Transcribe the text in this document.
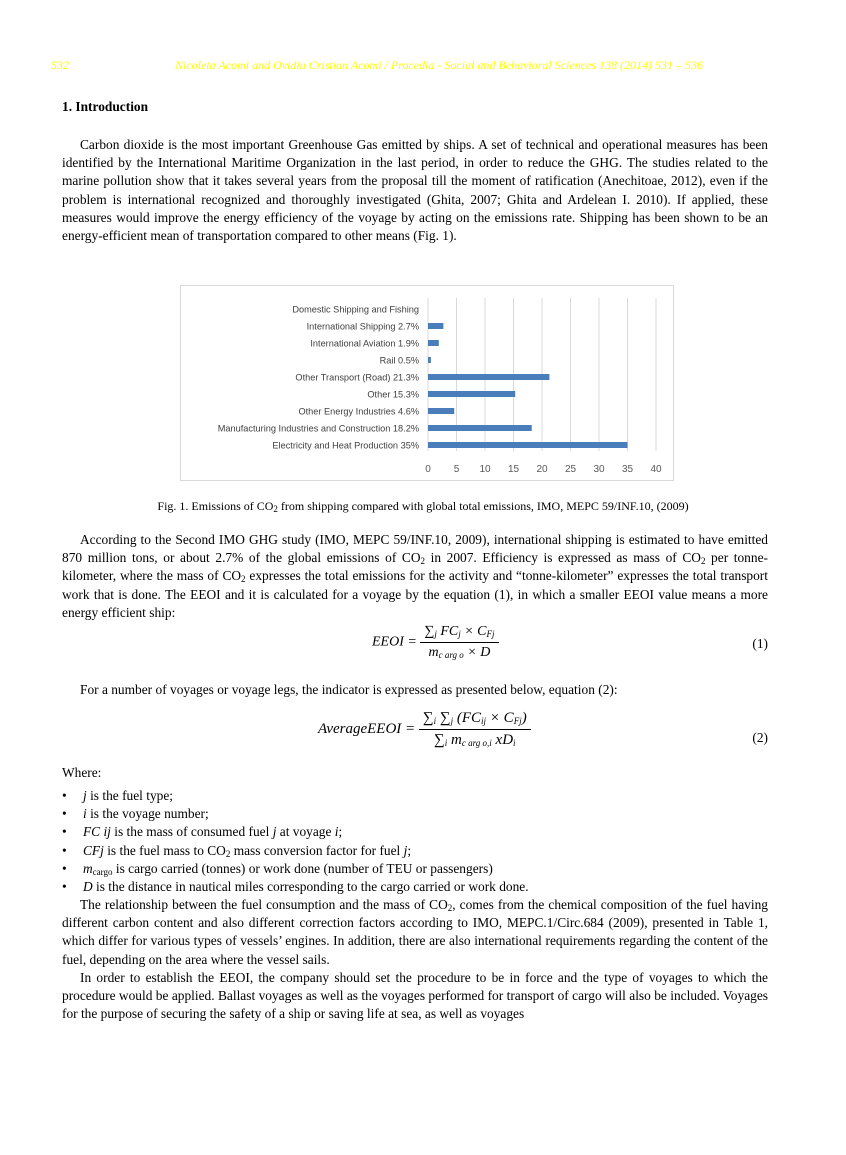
532	Nicoleta Acomi and Ovidiu Cristian Acomi / Procedia - Social and Behavioral Sciences 138 (2014) 531 – 536
1. Introduction
Carbon dioxide is the most important Greenhouse Gas emitted by ships. A set of technical and operational measures has been identified by the International Maritime Organization in the last period, in order to reduce the GHG. The studies related to the marine pollution show that it takes several years from the proposal till the moment of ratification (Anechitoae, 2012), even if the problem is international recognized and thoroughly investigated (Ghita, 2007; Ghita and Ardelean I. 2010). If applied, these measures would improve the energy efficiency of the voyage by acting on the emissions rate. Shipping has been shown to be an energy-efficient mean of transportation compared to other means (Fig. 1).
0 5 10 15 20 25 30 35 40
Domestic Shipping and Fishing
International Shipping 2.7%
International Aviation 1.9%
Rail 0.5%
Other Transport (Road) 21.3%
Other 15.3%
Other Energy Industries 4.6%
Manufacturing Industries and Construction 18.2%
Electricity and Heat Production 35%
Fig. 1. Emissions of $CO_2$ from shipping compared with global total emissions, IMO, MEPC 59/INF.10, (2009)
According to the Second IMO GHG study (IMO, MEPC 59/INF.10, 2009), international shipping is estimated to have emitted 870 million tons, or about 2.7% of the global emissions of $CO_2$ in 2007. Efficiency is expressed as mass of $CO_2$ per tonne-kilometer, where the mass of $CO_2$ expresses the total emissions for the activity and “tonne-kilometer” expresses the total transport work that is done. The EEOI and it is calculated for a voyage by the equation (1), in which a smaller EEOI value means a more energy efficient ship:
EEOI = $\frac{\sum_j FC_j \times C_{Fj}}{m_{c arg o} \times D}$	(1)
For a number of voyages or voyage legs, the indicator is expressed as presented below, equation (2):
AverageEEOI = $\frac{\sum_i \sum_j (FC_{ij} \times C_{Fj})}{\sum_i m_{c arg o,i} xD_i}$	(2)
Where:
• j is the fuel type;
• i is the voyage number;
• FC ij is the mass of consumed fuel j at voyage i;
• CFj is the fuel mass to $CO_2$ mass conversion factor for fuel j;
• $m_{cargo}$ is cargo carried (tonnes) or work done (number of TEU or passengers)
• D is the distance in nautical miles corresponding to the cargo carried or work done.
The relationship between the fuel consumption and the mass of $CO_2$, comes from the chemical composition of the fuel having different carbon content and also different correction factors according to IMO, MEPC.1/Circ.684 (2009), presented in Table 1, which differ for various types of vessels’ engines. In addition, there are also international requirements regarding the content of the fuel, depending on the area where the vessel sails.
In order to establish the EEOI, the company should set the procedure to be in force and the type of voyages to which the procedure would be applied. Ballast voyages as well as the voyages performed for transport of cargo will also be included. Voyages for the purpose of securing the safety of a ship or saving life at sea, as well as voyages
